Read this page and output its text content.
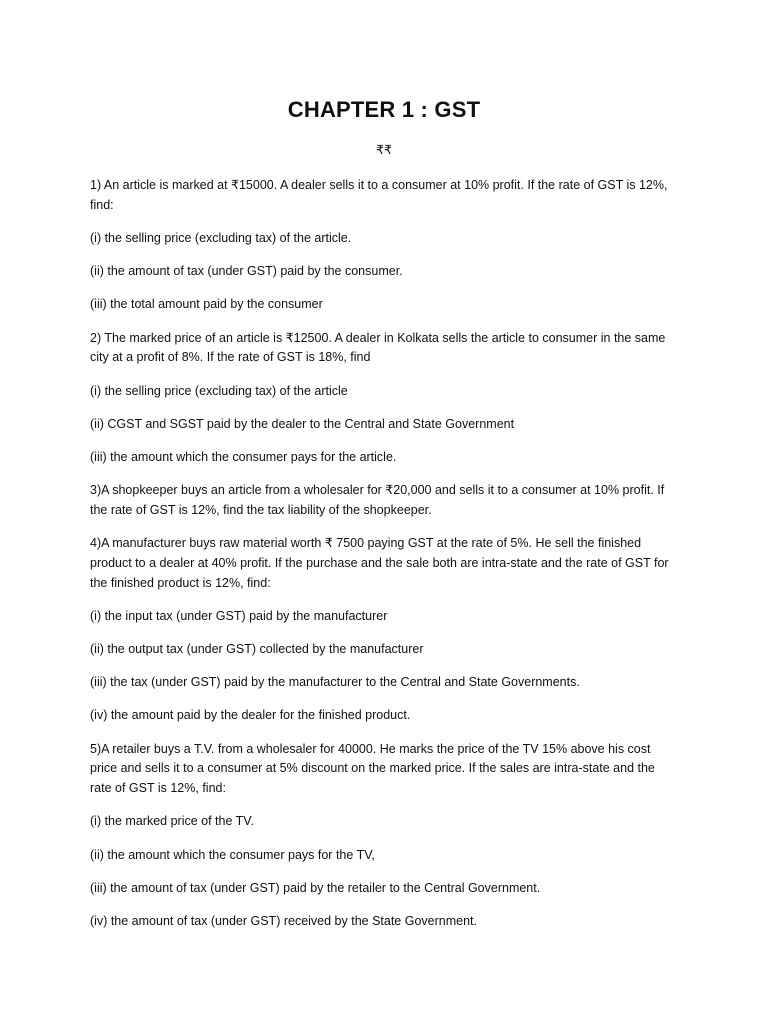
CHAPTER 1 : GST
₹₹

1) An article is marked at ₹15000. A dealer sells it to a consumer at 10% profit. If the rate of GST is 12%, find:

(i) the selling price (excluding tax) of the article.

(ii) the amount of tax (under GST) paid by the consumer.

(iii) the total amount paid by the consumer

2) The marked price of an article is ₹12500. A dealer in Kolkata sells the article to consumer in the same city at a profit of 8%. If the rate of GST is 18%, find

(i) the selling price (excluding tax) of the article

(ii) CGST and SGST paid by the dealer to the Central and State Government

(iii) the amount which the consumer pays for the article.

3)A shopkeeper buys an article from a wholesaler for ₹20,000 and sells it to a consumer at 10% profit. If the rate of GST is 12%, find the tax liability of the shopkeeper.

4)A manufacturer buys raw material worth ₹ 7500 paying GST at the rate of 5%. He sell the finished product to a dealer at 40% profit. If the purchase and the sale both are intra-state and the rate of GST for the finished product is 12%, find:

(i) the input tax (under GST) paid by the manufacturer

(ii) the output tax (under GST) collected by the manufacturer

(iii) the tax (under GST) paid by the manufacturer to the Central and State Governments.

(iv) the amount paid by the dealer for the finished product.

5)A retailer buys a T.V. from a wholesaler for 40000. He marks the price of the TV 15% above his cost price and sells it to a consumer at 5% discount on the marked price. If the sales are intra-state and the rate of GST is 12%, find:

(i) the marked price of the TV.

(ii) the amount which the consumer pays for the TV,

(iii) the amount of tax (under GST) paid by the retailer to the Central Government.

(iv) the amount of tax (under GST) received by the State Government.
